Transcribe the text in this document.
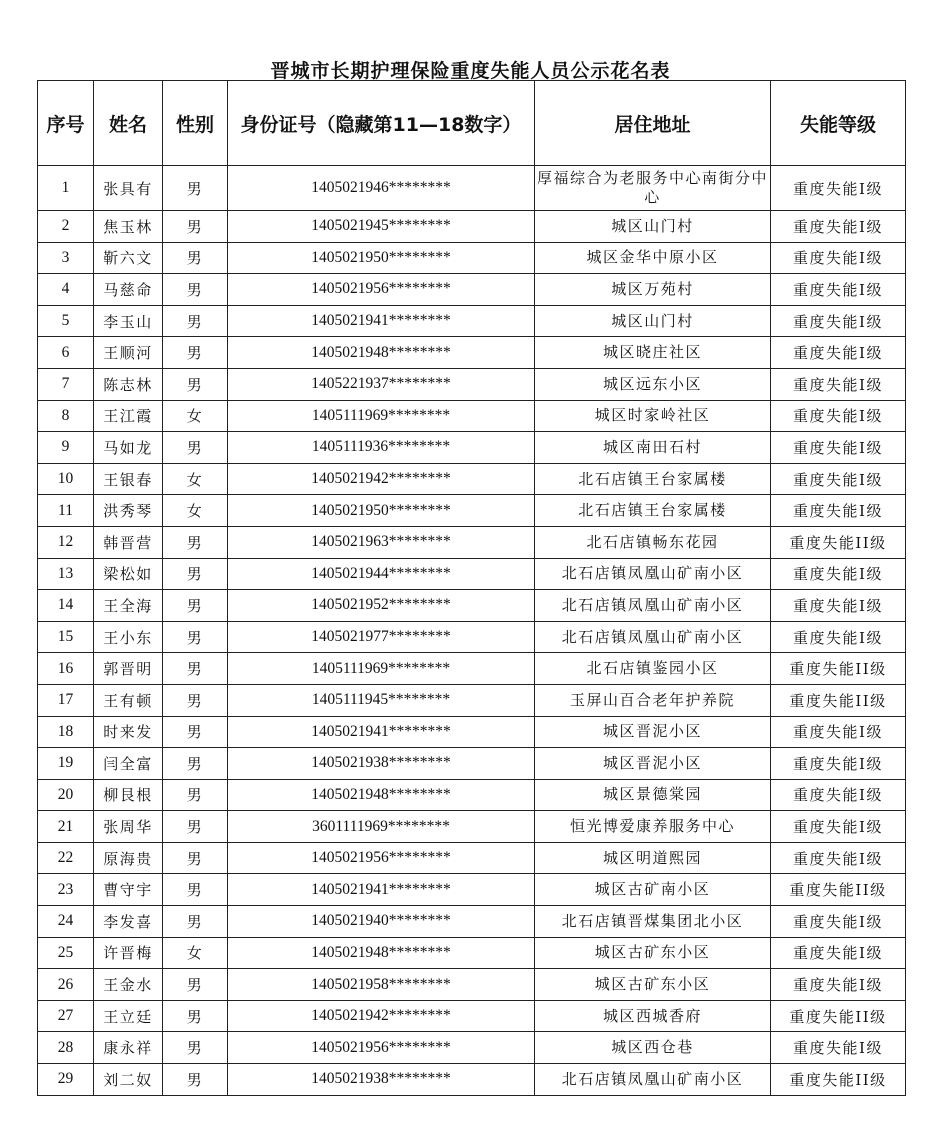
晋城市长期护理保险重度失能人员公示花名表
序号	姓名	性别	身份证号（隐藏第11—18数字）	居住地址	失能等级
1	张具有	男	1405021946********	厚福综合为老服务中心南街分中心	重度失能Ⅰ级
2	焦玉林	男	1405021945********	城区山门村	重度失能Ⅰ级
3	靳六文	男	1405021950********	城区金华中原小区	重度失能Ⅰ级
4	马慈命	男	1405021956********	城区万苑村	重度失能Ⅰ级
5	李玉山	男	1405021941********	城区山门村	重度失能Ⅰ级
6	王顺河	男	1405021948********	城区晓庄社区	重度失能Ⅰ级
7	陈志林	男	1405221937********	城区远东小区	重度失能Ⅰ级
8	王江霞	女	1405111969********	城区时家岭社区	重度失能Ⅰ级
9	马如龙	男	1405111936********	城区南田石村	重度失能Ⅰ级
10	王银春	女	1405021942********	北石店镇王台家属楼	重度失能Ⅰ级
11	洪秀琴	女	1405021950********	北石店镇王台家属楼	重度失能Ⅰ级
12	韩晋营	男	1405021963********	北石店镇畅东花园	重度失能II级
13	梁松如	男	1405021944********	北石店镇凤凰山矿南小区	重度失能Ⅰ级
14	王全海	男	1405021952********	北石店镇凤凰山矿南小区	重度失能Ⅰ级
15	王小东	男	1405021977********	北石店镇凤凰山矿南小区	重度失能Ⅰ级
16	郭晋明	男	1405111969********	北石店镇鉴园小区	重度失能II级
17	王有顿	男	1405111945********	玉屏山百合老年护养院	重度失能II级
18	时来发	男	1405021941********	城区晋泥小区	重度失能Ⅰ级
19	闫全富	男	1405021938********	城区晋泥小区	重度失能Ⅰ级
20	柳艮根	男	1405021948********	城区景德棠园	重度失能Ⅰ级
21	张周华	男	3601111969********	恒光博爱康养服务中心	重度失能Ⅰ级
22	原海贵	男	1405021956********	城区明道熙园	重度失能Ⅰ级
23	曹守宇	男	1405021941********	城区古矿南小区	重度失能II级
24	李发喜	男	1405021940********	北石店镇晋煤集团北小区	重度失能Ⅰ级
25	许晋梅	女	1405021948********	城区古矿东小区	重度失能Ⅰ级
26	王金水	男	1405021958********	城区古矿东小区	重度失能Ⅰ级
27	王立廷	男	1405021942********	城区西城香府	重度失能II级
28	康永祥	男	1405021956********	城区西仓巷	重度失能Ⅰ级
29	刘二奴	男	1405021938********	北石店镇凤凰山矿南小区	重度失能II级
